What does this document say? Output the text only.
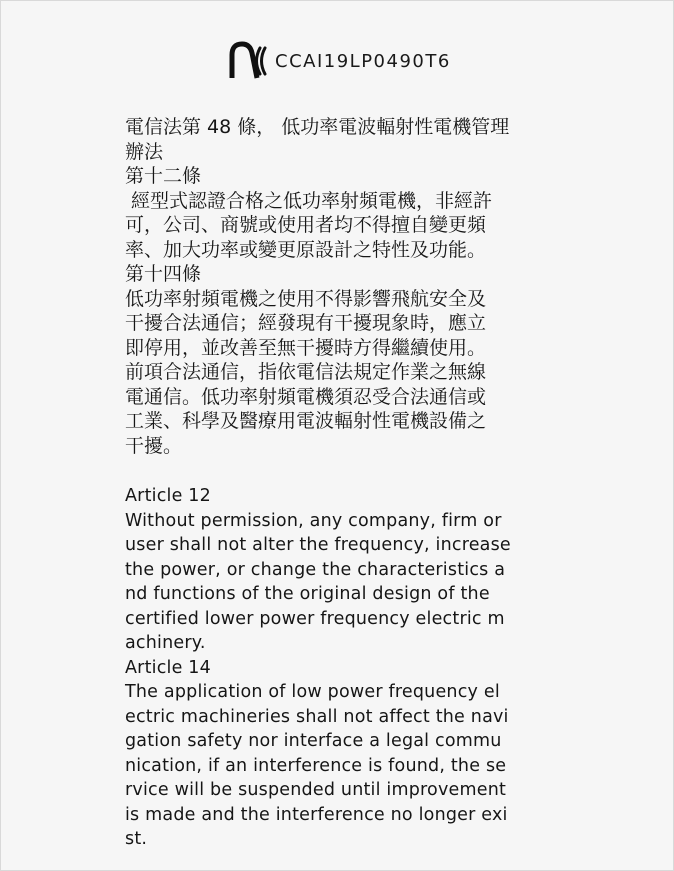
CCAI19LP0490T6
電信法第 48 條， 低功率電波輻射性電機管理
辦法
第十二條
經型式認證合格之低功率射頻電機，非經許
可，公司、商號或使用者均不得擅自變更頻
率、加大功率或變更原設計之特性及功能。
第十四條
低功率射頻電機之使用不得影響飛航安全及
干擾合法通信；經發現有干擾現象時，應立
即停用，並改善至無干擾時方得繼續使用。
前項合法通信，指依電信法規定作業之無線
電通信。低功率射頻電機須忍受合法通信或
工業、科學及醫療用電波輻射性電機設備之
干擾。
Article 12
Without permission, any company, firm or
user shall not alter the frequency, increase
the power, or change the characteristics a
nd functions of the original design of the
certified lower power frequency electric m
achinery.
Article 14
The application of low power frequency el
ectric machineries shall not affect the navi
gation safety nor interface a legal commu
nication, if an interference is found, the se
rvice will be suspended until improvement
is made and the interference no longer exi
st.
